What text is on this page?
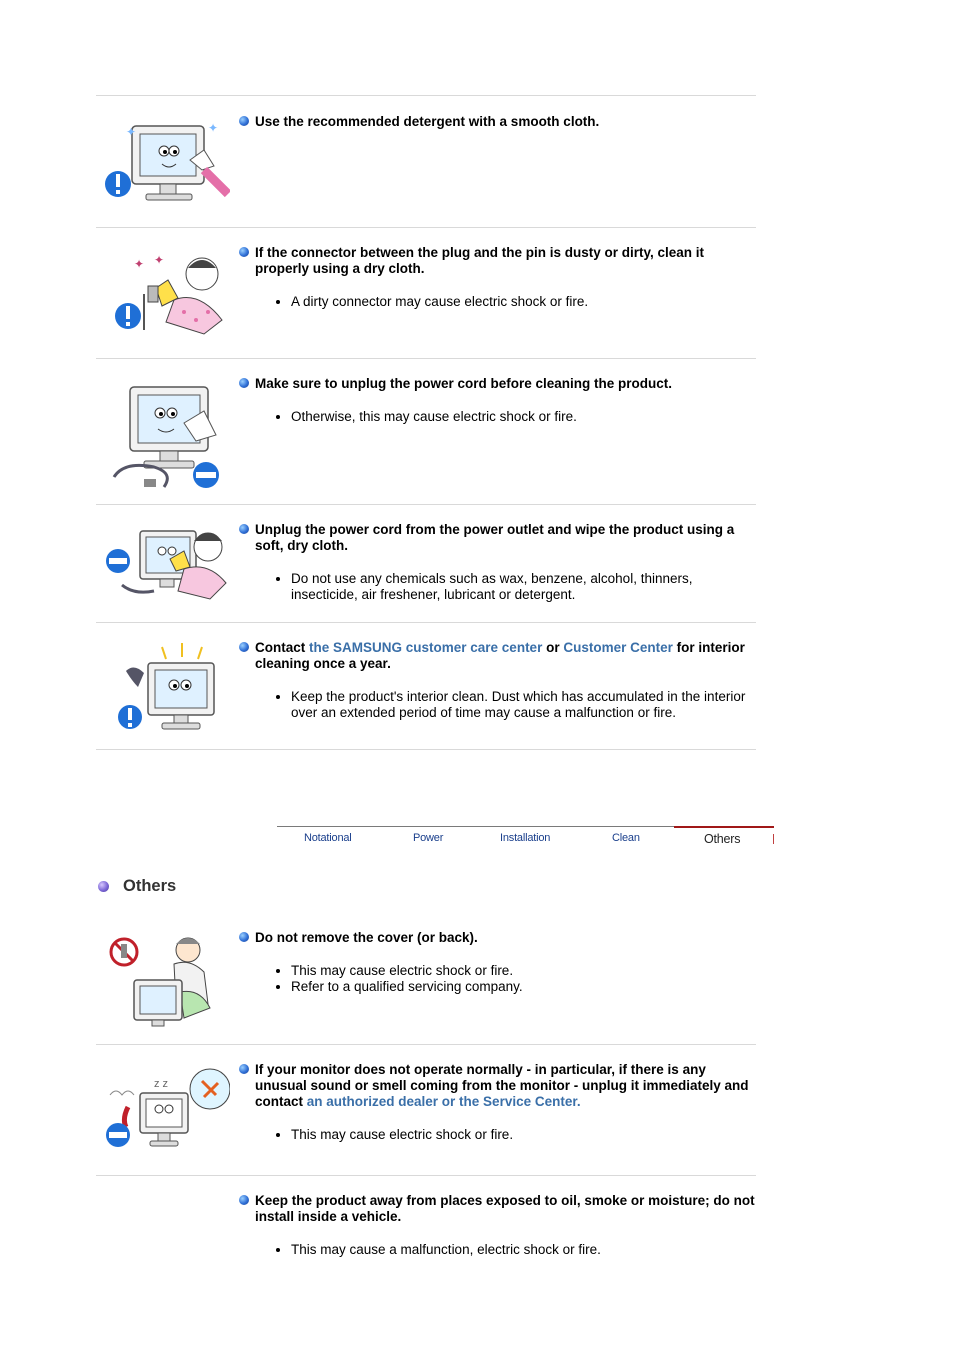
✦	✦	Use the recommended detergent with a smooth cloth.
✦ ✦	If the connector between the plug and the pin is dusty or dirty, clean it properly using a dry cloth.
• A dirty connector may cause electric shock or fire.
Make sure to unplug the power cord before cleaning the product.
• Otherwise, this may cause electric shock or fire.
Unplug the power cord from the power outlet and wipe the product using a soft, dry cloth.
• Do not use any chemicals such as wax, benzene, alcohol, thinners, insecticide, air freshener, lubricant or detergent.
Contact the SAMSUNG customer care center or Customer Center for interior cleaning once a year.
• Keep the product's interior clean. Dust which has accumulated in the interior over an extended period of time may cause a malfunction or fire.
Notational	Power	Installation	Clean	Others
Others
Do not remove the cover (or back).
• This may cause electric shock or fire.
• Refer to a qualified servicing company.
z z
If your monitor does not operate normally - in particular, if there is any unusual sound or smell coming from the monitor - unplug it immediately and contact an authorized dealer or the Service Center.
• This may cause electric shock or fire.
Keep the product away from places exposed to oil, smoke or moisture; do not install inside a vehicle.
• This may cause a malfunction, electric shock or fire.
